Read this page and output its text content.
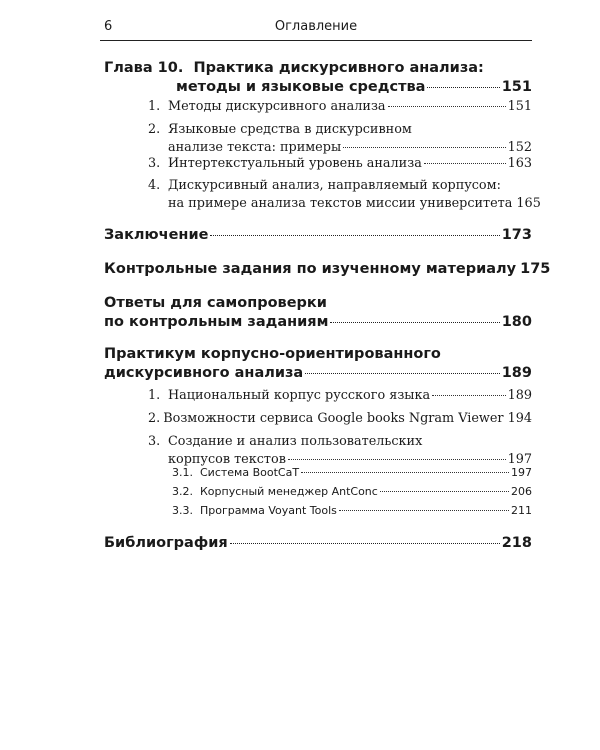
6	Оглавление
Глава 10.
Практика дискурсивного анализа:
методы и языковые средства	151
1. Методы дискурсивного анализа	151
2. Языковые средства в дискурсивном
анализе текста: примеры	152
3. Интертекстуальный уровень анализа	163
4. Дискурсивный анализ, направляемый корпусом:
на примере анализа текстов миссии университета 165
Заключение	173
Контрольные задания по изученному материалу 175
Ответы для самопроверки
по контрольным заданиям	180
Практикум корпусно-ориентированного
дискурсивного анализа	189
1. Национальный корпус русского языка	189
2. Возможности сервиса Google books Ngram Viewer 194
3. Создание и анализ пользовательских
корпусов текстов	197
3.1. Система BootCaT	197
3.2. Корпусный менеджер AntConc	206
3.3. Программа Voyant Tools	211
Библиография	218
